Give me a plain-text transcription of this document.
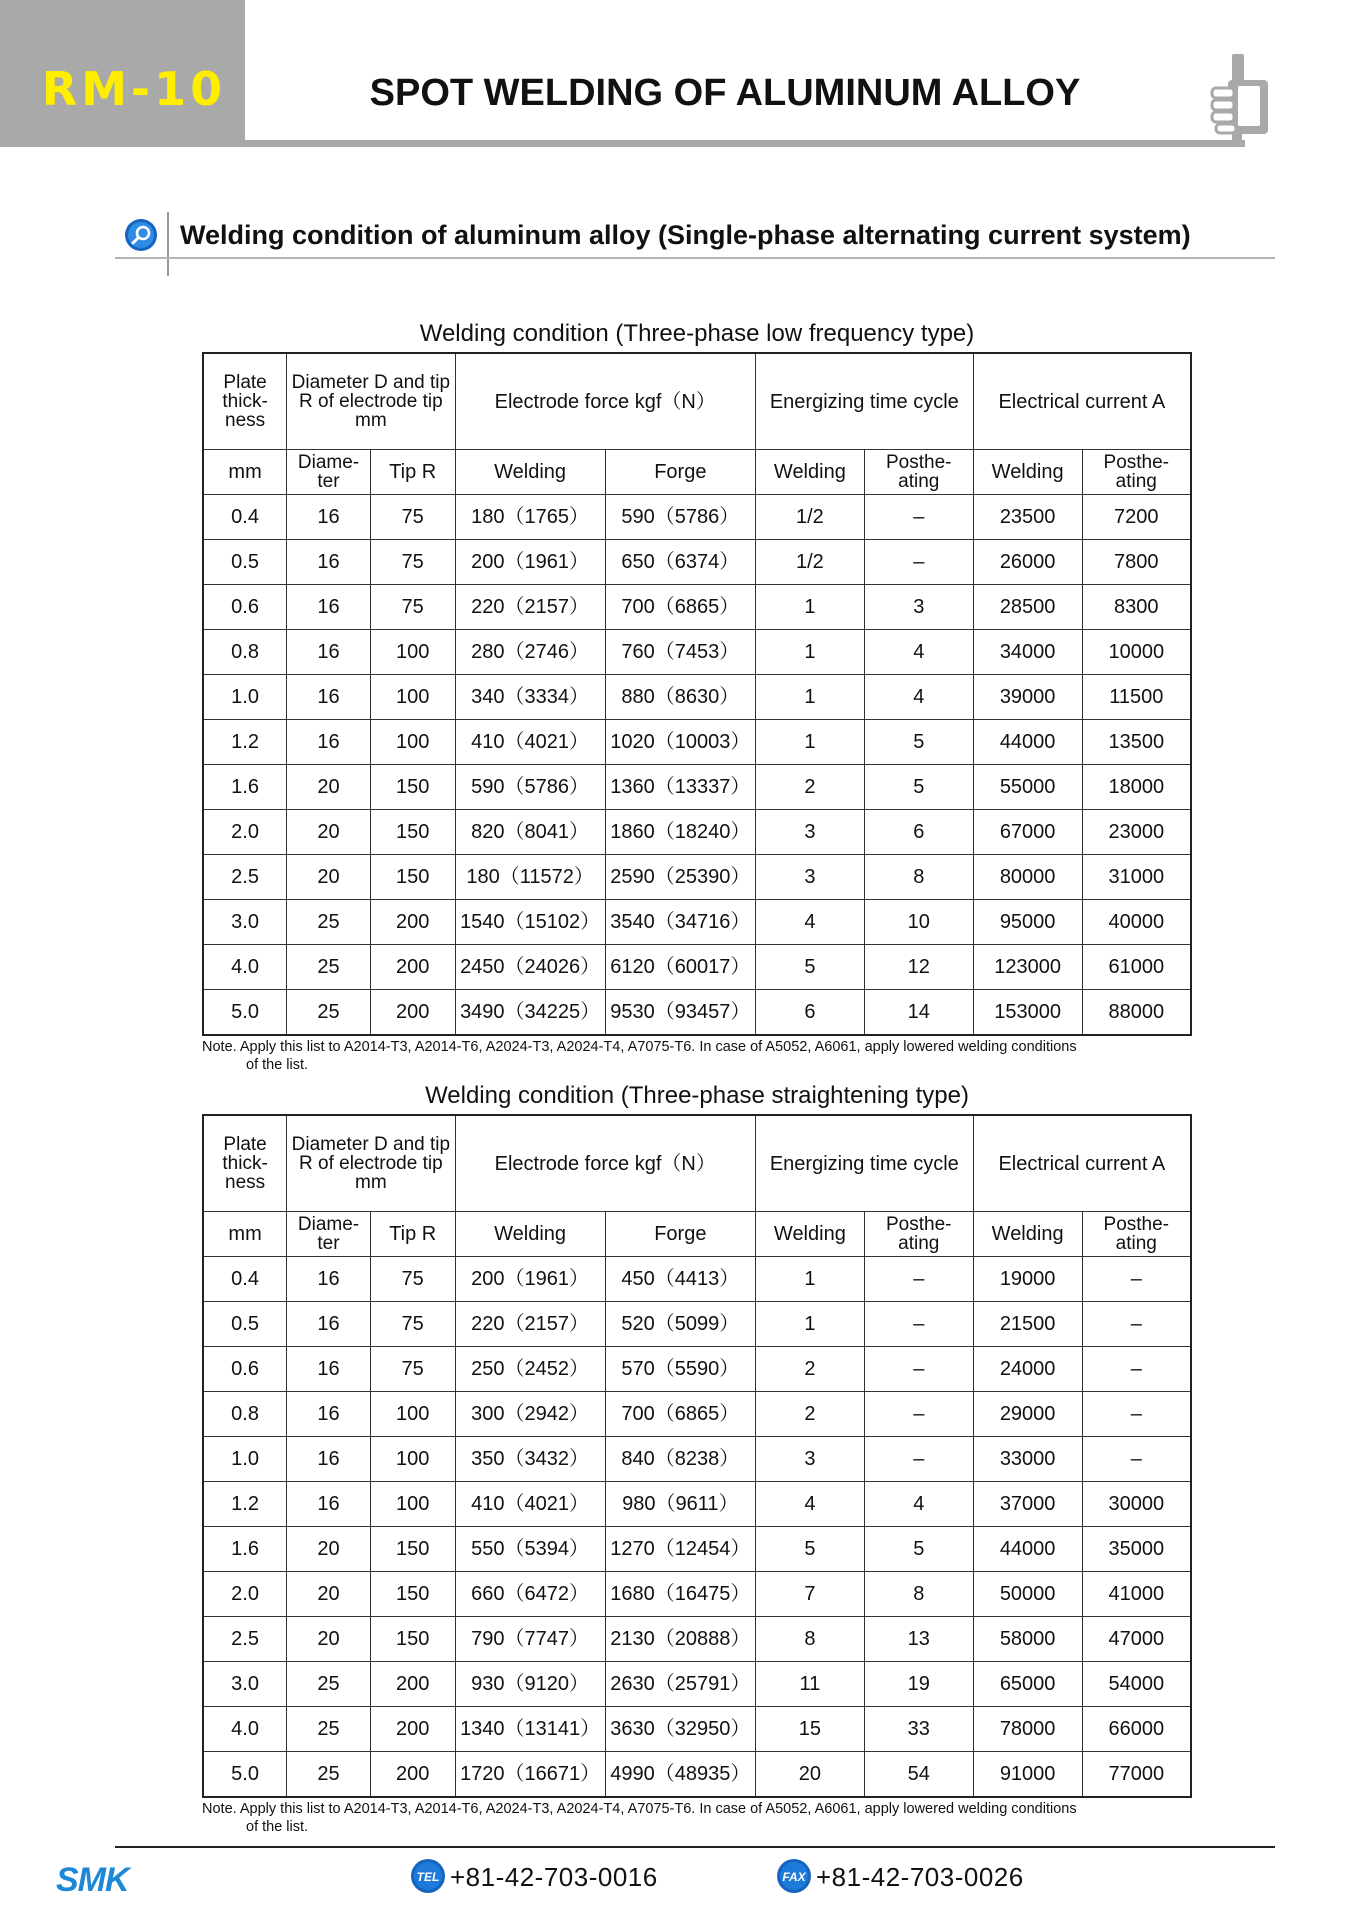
RM-10	SPOT WELDING OF ALUMINUM ALLOY
Welding condition of aluminum alloy (Single-phase alternating current system)
Welding condition (Three-phase low frequency type)
Plate thick- ness	Diameter D and tip R of electrode tip mm		Electrode force kgf（N）		Energizing time cycle		Electrical current A	
mm	Diame- ter	Tip R	Welding	Forge	Welding	Posthe- ating	Welding	Posthe- ating
0.4	16	75	180（1765）	590（5786）	1/2	–	23500	7200
0.5	16	75	200（1961）	650（6374）	1/2	–	26000	7800
0.6	16	75	220（2157）	700（6865）	1	3	28500	8300
0.8	16	100	280（2746）	760（7453）	1	4	34000	10000
1.0	16	100	340（3334）	880（8630）	1	4	39000	11500
1.2	16	100	410（4021）	1020（10003）	1	5	44000	13500
1.6	20	150	590（5786）	1360（13337）	2	5	55000	18000
2.0	20	150	820（8041）	1860（18240）	3	6	67000	23000
2.5	20	150	180（11572）	2590（25390）	3	8	80000	31000
3.0	25	200	1540（15102）	3540（34716）	4	10	95000	40000
4.0	25	200	2450（24026）	6120（60017）	5	12	123000	61000
5.0	25	200	3490（34225）	9530（93457）	6	14	153000	88000
Note. Apply this list to A2014-T3, A2014-T6, A2024-T3, A2024-T4, A7075-T6. In case of A5052, A6061, apply lowered welding conditions
of the list.
Welding condition (Three-phase straightening type)
Plate thick- ness	Diameter D and tip R of electrode tip mm		Electrode force kgf（N）		Energizing time cycle		Electrical current A	
mm	Diame- ter	Tip R	Welding	Forge	Welding	Posthe- ating	Welding	Posthe- ating
0.4	16	75	200（1961）	450（4413）	1	–	19000	–
0.5	16	75	220（2157）	520（5099）	1	–	21500	–
0.6	16	75	250（2452）	570（5590）	2	–	24000	–
0.8	16	100	300（2942）	700（6865）	2	–	29000	–
1.0	16	100	350（3432）	840（8238）	3	–	33000	–
1.2	16	100	410（4021）	980（9611）	4	4	37000	30000
1.6	20	150	550（5394）	1270（12454）	5	5	44000	35000
2.0	20	150	660（6472）	1680（16475）	7	8	50000	41000
2.5	20	150	790（7747）	2130（20888）	8	13	58000	47000
3.0	25	200	930（9120）	2630（25791）	11	19	65000	54000
4.0	25	200	1340（13141）	3630（32950）	15	33	78000	66000
5.0	25	200	1720（16671）	4990（48935）	20	54	91000	77000
Note. Apply this list to A2014-T3, A2014-T6, A2024-T3, A2024-T4, A7075-T6. In case of A5052, A6061, apply lowered welding conditions
of the list.
SMK	TEL +81-42-703-0016	FAX +81-42-703-0026
